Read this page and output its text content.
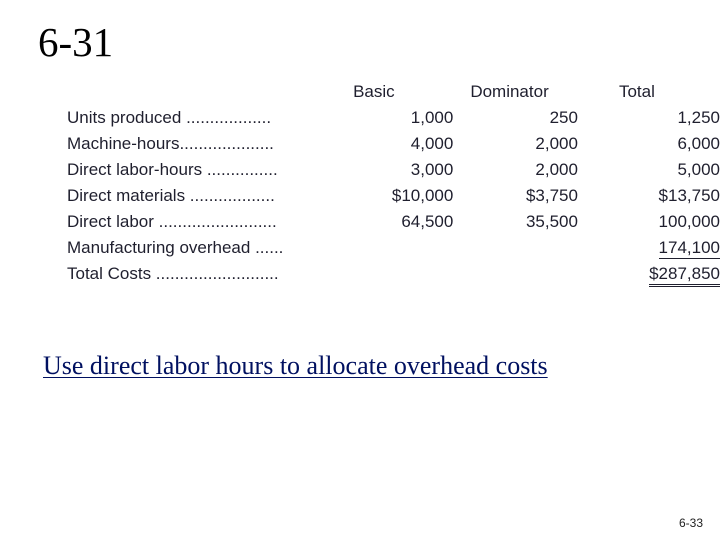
6-31
	Basic	Dominator	Total
Units produced ..................	1,000	250	1,250
Machine-hours....................	4,000	2,000	6,000
Direct labor-hours ...............	3,000	2,000	5,000
Direct materials ..................	$10,000	$3,750	$13,750
Direct labor .........................	64,500	35,500	100,000
Manufacturing overhead ......			174,100
Total Costs ..........................			$287,850
Use direct labor hours to allocate overhead costs
6-33
